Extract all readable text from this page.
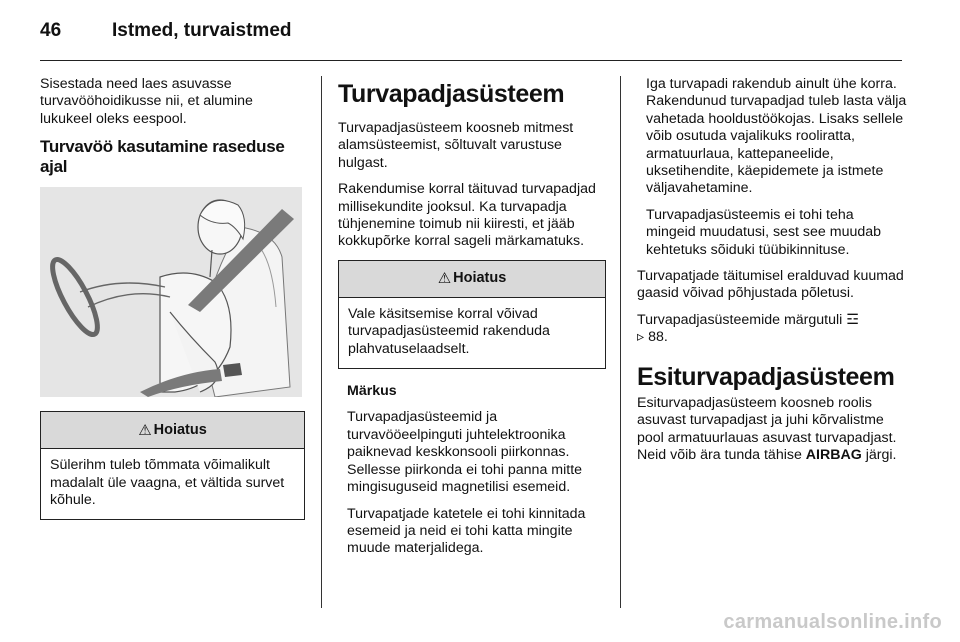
46	Istmed, turvaistmed

Sisestada need laes asuvasse turvavööhoidikusse nii, et alumine lukukeel oleks eespool.

Turvavöö kasutamine raseduse ajal
⚠ Hoiatus

Sülerihm tuleb tõmmata võimalikult madalalt üle vaagna, et vältida survet kõhule.

Turvapadjasüsteem

Turvapadjasüsteem koosneb mitmest alamsüsteemist, sõltuvalt varustuse hulgast.

Rakendumise korral täituvad turvapadjad millisekundite jooksul. Ka turvapadja tühjenemine toimub nii kiiresti, et jääb kokkupõrke korral sageli märkamatuks.

⚠ Hoiatus

Vale käsitsemise korral võivad turvapadjasüsteemid rakenduda plahvatuselaadselt.

Märkus

Turvapadjasüsteemid ja turvavööeelpinguti juhtelektroonika paiknevad keskkonsooli piirkonnas. Sellesse piirkonda ei tohi panna mitte mingisuguseid magnetilisi esemeid.

Turvapatjade katetele ei tohi kinnitada esemeid ja neid ei tohi katta mingite muude materjalidega.

Iga turvapadi rakendub ainult ühe korra. Rakendunud turvapadjad tuleb lasta välja vahetada hooldustöökojas. Lisaks sellele võib osutuda vajalikuks rooliratta, armatuurlaua, kattepaneelide, uksetihendite, käepidemete ja istmete väljavahetamine.

Turvapadjasüsteemis ei tohi teha mingeid muudatusi, sest see muudab kehtetuks sõiduki tüübikinnituse.

Turvapatjade täitumisel eralduvad kuumad gaasid võivad põhjustada põletusi.

Turvapadjasüsteemide märgutuli ☲
▹ 88.

Esiturvapadjasüsteem

Esiturvapadjasüsteem koosneb roolis asuvast turvapadjast ja juhi kõrvalistme pool armatuurlauas asuvast turvapadjast. Neid võib ära tunda tähise AIRBAG järgi.

carmanualsonline.info
